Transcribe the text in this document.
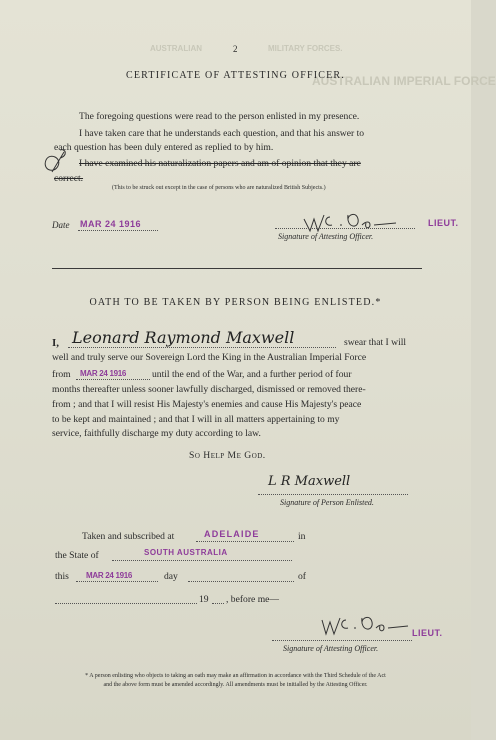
AUSTRALIAN	MILITARY FORCES.
AUSTRALIAN IMPERIAL FORCE
2
CERTIFICATE OF ATTESTING OFFICER.
The foregoing questions were read to the person enlisted in my presence.
I have taken care that he understands each question, and that his answer to
each question has been duly entered as replied to by him.
I have examined his naturalization papers and am of opinion that they are
correct.
(This to be struck out except in the case of persons who are naturalized British Subjects.)
Date MAR 24 1916	LIEUT.
Signature of Attesting Officer.
OATH TO BE TAKEN BY PERSON BEING ENLISTED.*
I, Leonard Raymond Maxwell	swear that I will
well and truly serve our Sovereign Lord the King in the Australian Imperial Force
from MAR 24 1916	until the end of the War, and a further period of four
months thereafter unless sooner lawfully discharged, dismissed or removed there-
from ; and that I will resist His Majesty's enemies and cause His Majesty's peace
to be kept and maintained ; and that I will in all matters appertaining to my
service, faithfully discharge my duty according to law.
So Help Me God.
L R Maxwell
Signature of Person Enlisted.
Taken and subscribed at	ADELAIDE	in
the State of	SOUTH AUSTRALIA
this MAR 24 1916	day	of
19 , before me—
LIEUT.
Signature of Attesting Officer.
* A person enlisting who objects to taking an oath may make an affirmation in accordance with the Third Schedule of the Act
and the above form must be amended accordingly. All amendments must be initialled by the Attesting Officer.
